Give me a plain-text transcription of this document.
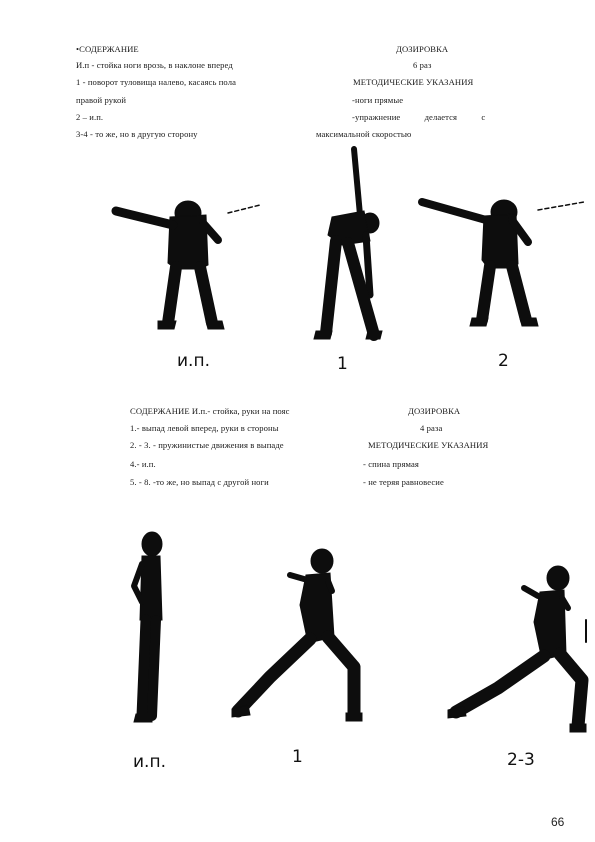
•СОДЕРЖАНИЕ	ДОЗИРОВКА
И.п - стойка ноги врозь, в наклоне вперед	6 раз
1 - поворот туловища налево, касаясь пола	МЕТОДИЧЕСКИЕ УКАЗАНИЯ
правой рукой	-ноги прямые
2 – и.п.	-упражнение делается с
3-4 - то же, но в другую сторону	максимальной скоростью
и.п.	1	2
СОДЕРЖАНИЕ И.п.- стойка, руки на пояс	ДОЗИРОВКА
1.- выпад левой вперед, руки в стороны	4 раза
2. - 3. - пружинистые движения в выпаде	МЕТОДИЧЕСКИЕ УКАЗАНИЯ
4.- и.п.	- спина прямая
5. - 8. -то же, но выпад с другой ноги	- не теряя равновесие
и.п.	1	2-3
66
